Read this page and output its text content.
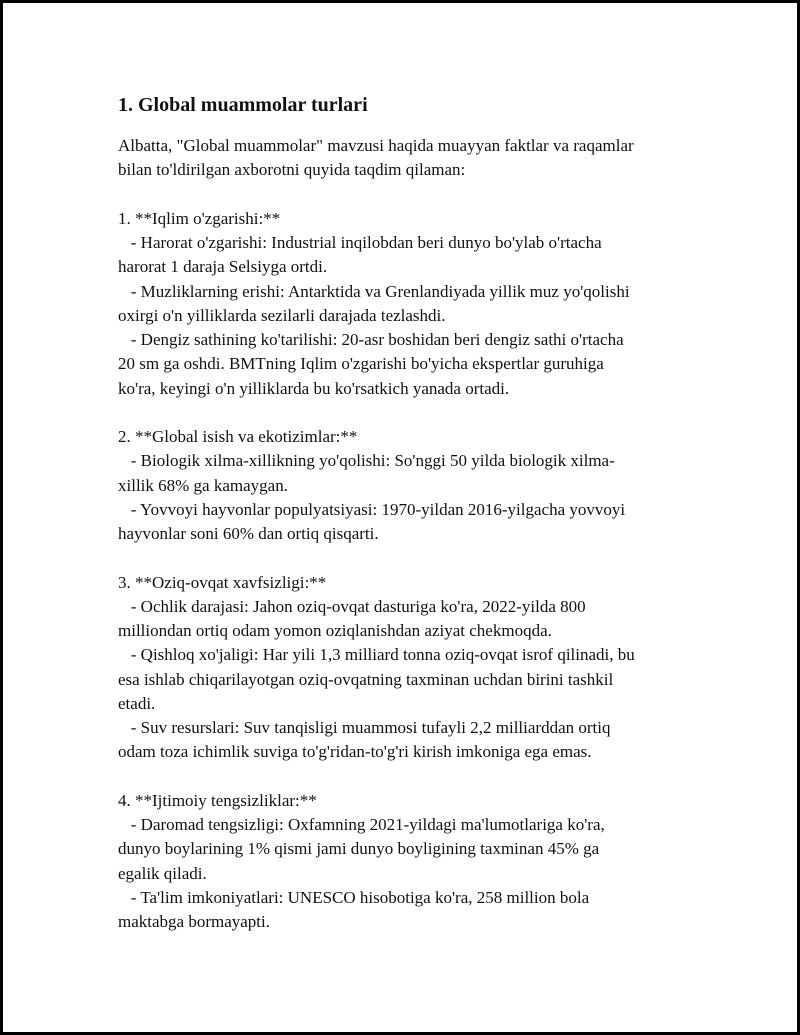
1. Global muammolar turlari
Albatta, "Global muammolar" mavzusi haqida muayyan faktlar va raqamlar
bilan to'ldirilgan axborotni quyida taqdim qilaman:
1. **Iqlim o'zgarishi:**
- Harorat o'zgarishi: Industrial inqilobdan beri dunyo bo'ylab o'rtacha
harorat 1 daraja Selsiyga ortdi.
- Muzliklarning erishi: Antarktida va Grenlandiyada yillik muz yo'qolishi
oxirgi o'n yilliklarda sezilarli darajada tezlashdi.
- Dengiz sathining ko'tarilishi: 20-asr boshidan beri dengiz sathi o'rtacha
20 sm ga oshdi. BMTning Iqlim o'zgarishi bo'yicha ekspertlar guruhiga
ko'ra, keyingi o'n yilliklarda bu ko'rsatkich yanada ortadi.
2. **Global isish va ekotizimlar:**
- Biologik xilma-xillikning yo'qolishi: So'nggi 50 yilda biologik xilma-
xillik 68% ga kamaygan.
- Yovvoyi hayvonlar populyatsiyasi: 1970-yildan 2016-yilgacha yovvoyi
hayvonlar soni 60% dan ortiq qisqarti.
3. **Oziq-ovqat xavfsizligi:**
- Ochlik darajasi: Jahon oziq-ovqat dasturiga ko'ra, 2022-yilda 800
milliondan ortiq odam yomon oziqlanishdan aziyat chekmoqda.
- Qishloq xo'jaligi: Har yili 1,3 milliard tonna oziq-ovqat isrof qilinadi, bu
esa ishlab chiqarilayotgan oziq-ovqatning taxminan uchdan birini tashkil
etadi.
- Suv resurslari: Suv tanqisligi muammosi tufayli 2,2 milliarddan ortiq
odam toza ichimlik suviga to'g'ridan-to'g'ri kirish imkoniga ega emas.
4. **Ijtimoiy tengsizliklar:**
- Daromad tengsizligi: Oxfamning 2021-yildagi ma'lumotlariga ko'ra,
dunyo boylarining 1% qismi jami dunyo boyligining taxminan 45% ga
egalik qiladi.
- Ta'lim imkoniyatlari: UNESCO hisobotiga ko'ra, 258 million bola
maktabga bormayapti.
